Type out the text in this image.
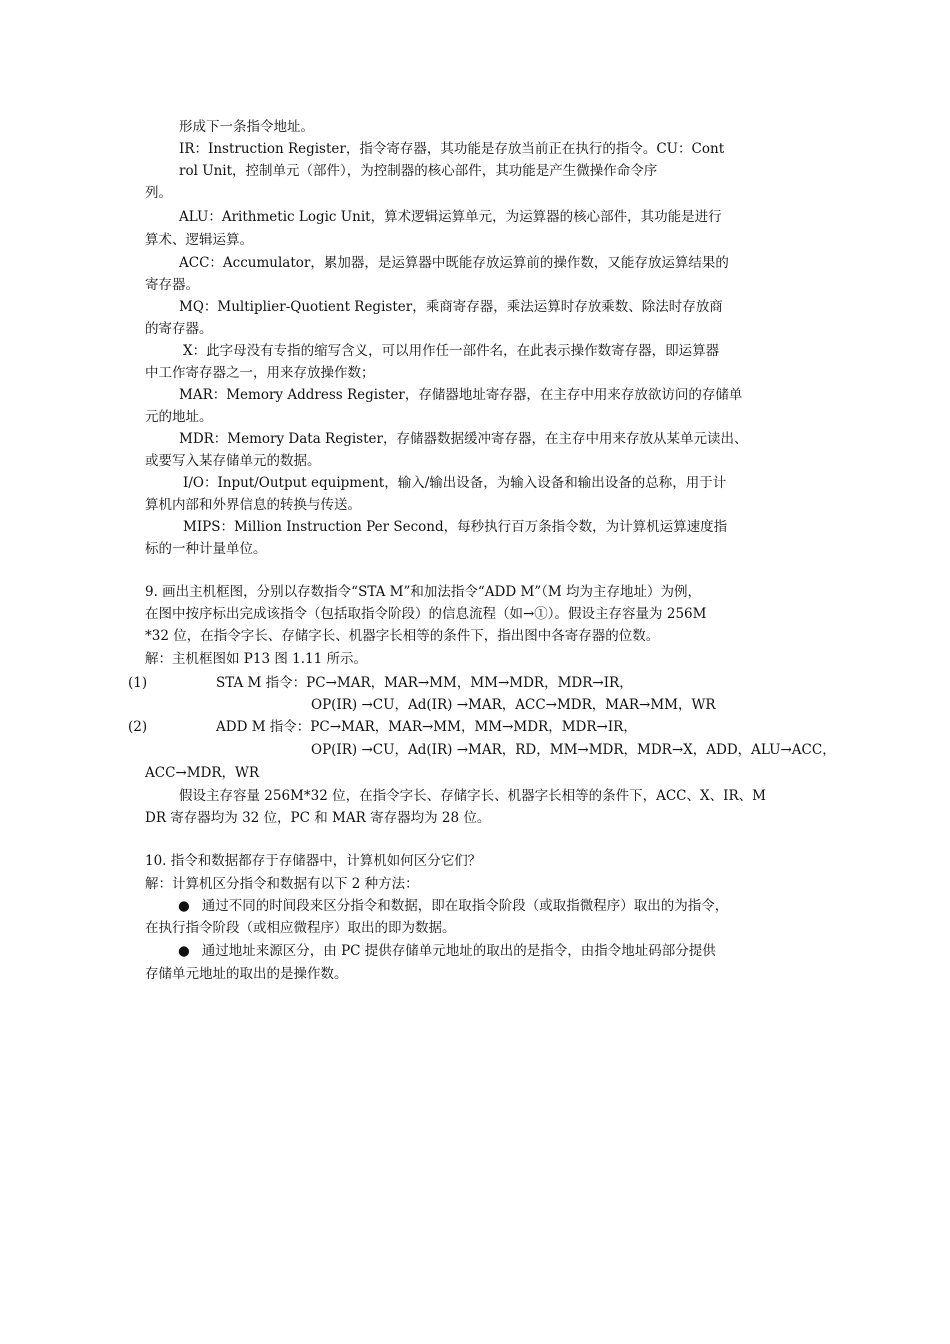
形成下一条指令地址。
IR：Instruction Register，指令寄存器，其功能是存放当前正在执行的指令。CU：Cont
rol Unit，控制单元（部件），为控制器的核心部件，其功能是产生微操作命令序
列。
ALU：Arithmetic Logic Unit，算术逻辑运算单元，为运算器的核心部件，其功能是进行
算术、逻辑运算。
ACC：Accumulator，累加器，是运算器中既能存放运算前的操作数，又能存放运算结果的
寄存器。
MQ：Multiplier-Quotient Register，乘商寄存器，乘法运算时存放乘数、除法时存放商
的寄存器。
X：此字母没有专指的缩写含义，可以用作任一部件名，在此表示操作数寄存器，即运算器
中工作寄存器之一，用来存放操作数；
MAR：Memory Address Register，存储器地址寄存器，在主存中用来存放欲访问的存储单
元的地址。
MDR：Memory Data Register，存储器数据缓冲寄存器，在主存中用来存放从某单元读出、
或要写入某存储单元的数据。
I/O：Input/Output equipment，输入/输出设备，为输入设备和输出设备的总称，用于计
算机内部和外界信息的转换与传送。
MIPS：Million Instruction Per Second，每秒执行百万条指令数，为计算机运算速度指
标的一种计量单位。
9. 画出主机框图，分别以存数指令“STA M”和加法指令“ADD M”（M 均为主存地址）为例，
在图中按序标出完成该指令（包括取指令阶段）的信息流程（如→①）。假设主存容量为 256M
*32 位，在指令字长、存储字长、机器字长相等的条件下，指出图中各寄存器的位数。
解：主机框图如 P13 图 1.11 所示。
(1)	STA M 指令：PC→MAR，MAR→MM，MM→MDR，MDR→IR，
OP(IR) →CU，Ad(IR) →MAR，ACC→MDR，MAR→MM，WR
(2)	ADD M 指令：PC→MAR，MAR→MM，MM→MDR，MDR→IR，
OP(IR) →CU，Ad(IR) →MAR，RD，MM→MDR，MDR→X，ADD，ALU→ACC，
ACC→MDR，WR
假设主存容量 256M*32 位，在指令字长、存储字长、机器字长相等的条件下，ACC、X、IR、M
DR 寄存器均为 32 位，PC 和 MAR 寄存器均为 28 位。
10. 指令和数据都存于存储器中，计算机如何区分它们？
解：计算机区分指令和数据有以下 2 种方法：
● 通过不同的时间段来区分指令和数据，即在取指令阶段（或取指微程序）取出的为指令，
在执行指令阶段（或相应微程序）取出的即为数据。
● 通过地址来源区分，由 PC 提供存储单元地址的取出的是指令，由指令地址码部分提供
存储单元地址的取出的是操作数。
